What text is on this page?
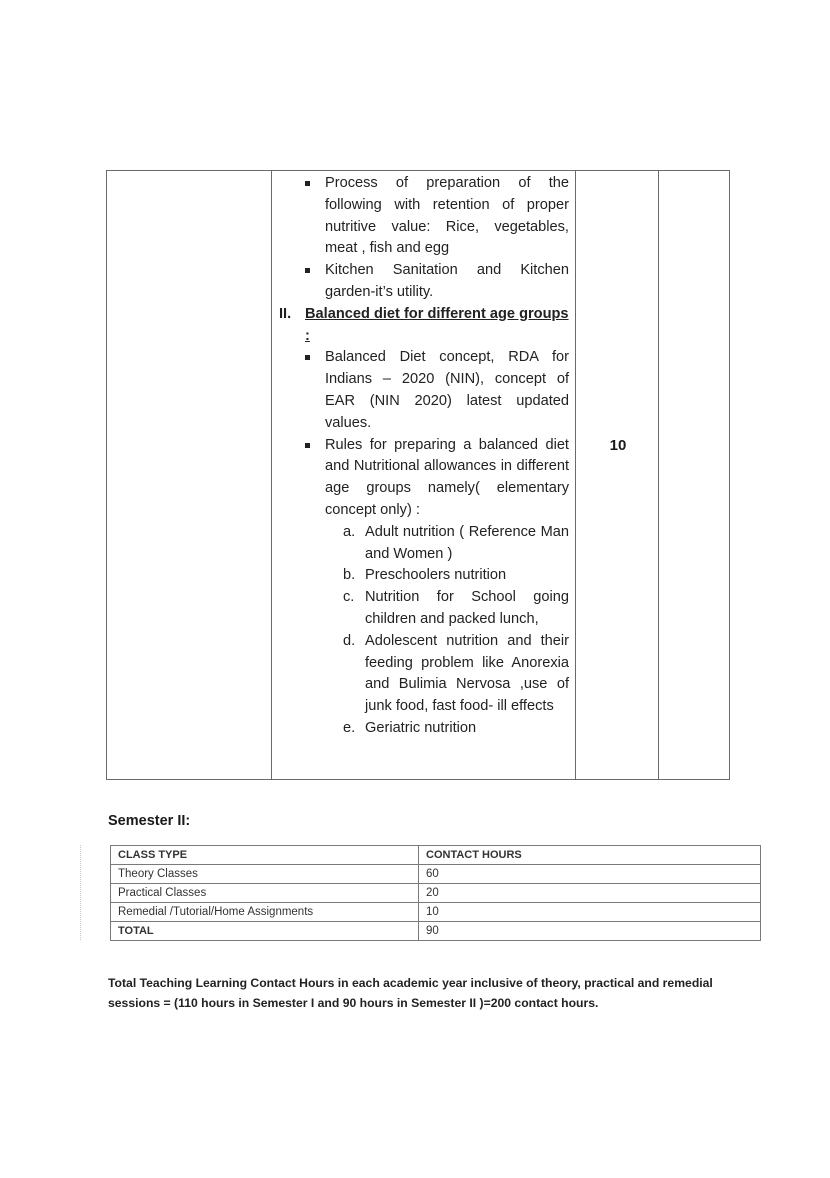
Process of preparation of the following with retention of proper nutritive value: Rice, vegetables, meat , fish and egg
Kitchen Sanitation and Kitchen garden-it’s utility.
II. Balanced diet for different age groups :
Balanced Diet concept, RDA for Indians – 2020 (NIN), concept of EAR (NIN 2020) latest updated values.
Rules for preparing a balanced diet and Nutritional allowances in different age groups namely( elementary concept only) :
a. Adult nutrition ( Reference Man and Women )
b. Preschoolers nutrition
c. Nutrition for School going children and packed lunch,
d. Adolescent nutrition and their feeding problem like Anorexia and Bulimia Nervosa ,use of junk food, fast food- ill effects
e. Geriatric nutrition
10
Semester II:
CLASS TYPE	CONTACT HOURS
Theory Classes	60
Practical Classes	20
Remedial /Tutorial/Home Assignments	10
TOTAL	90
Total Teaching Learning Contact Hours in each academic year inclusive of theory, practical and remedial sessions = (110 hours in Semester I and 90 hours in Semester II )=200 contact hours.
